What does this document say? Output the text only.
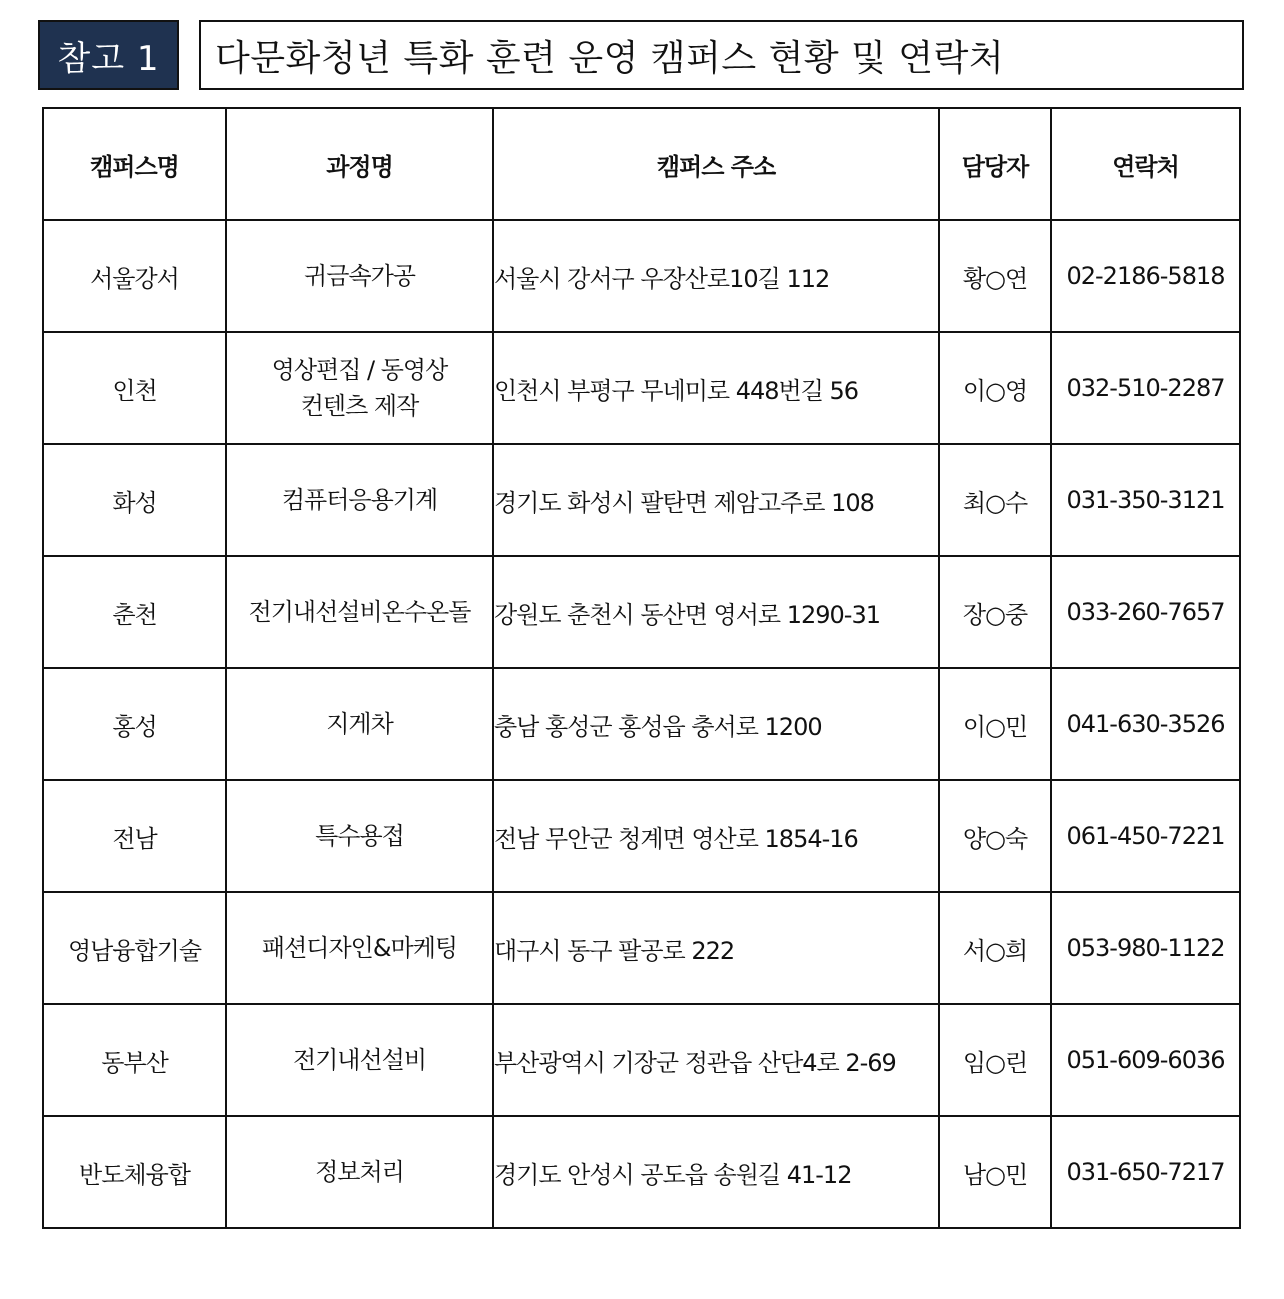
참고 1 다문화청년 특화 훈련 운영 캠퍼스 현황 및 연락처
캠퍼스명	과정명	캠퍼스 주소	담당자	연락처
서울강서	귀금속가공	서울시 강서구 우장산로10길 112	황○연	02-2186-5818
인천	영상편집 / 동영상컨텐츠 제작	인천시 부평구 무네미로 448번길 56	이○영	032-510-2287
화성	컴퓨터응용기계	경기도 화성시 팔탄면 제암고주로 108	최○수	031-350-3121
춘천	전기내선설비온수온돌	강원도 춘천시 동산면 영서로 1290-31	장○중	033-260-7657
홍성	지게차	충남 홍성군 홍성읍 충서로 1200	이○민	041-630-3526
전남	특수용접	전남 무안군 청계면 영산로 1854-16	양○숙	061-450-7221
영남융합기술	패션디자인&마케팅	대구시 동구 팔공로 222	서○희	053-980-1122
동부산	전기내선설비	부산광역시 기장군 정관읍 산단4로 2-69	임○린	051-609-6036
반도체융합	정보처리	경기도 안성시 공도읍 송원길 41-12	남○민	031-650-7217
